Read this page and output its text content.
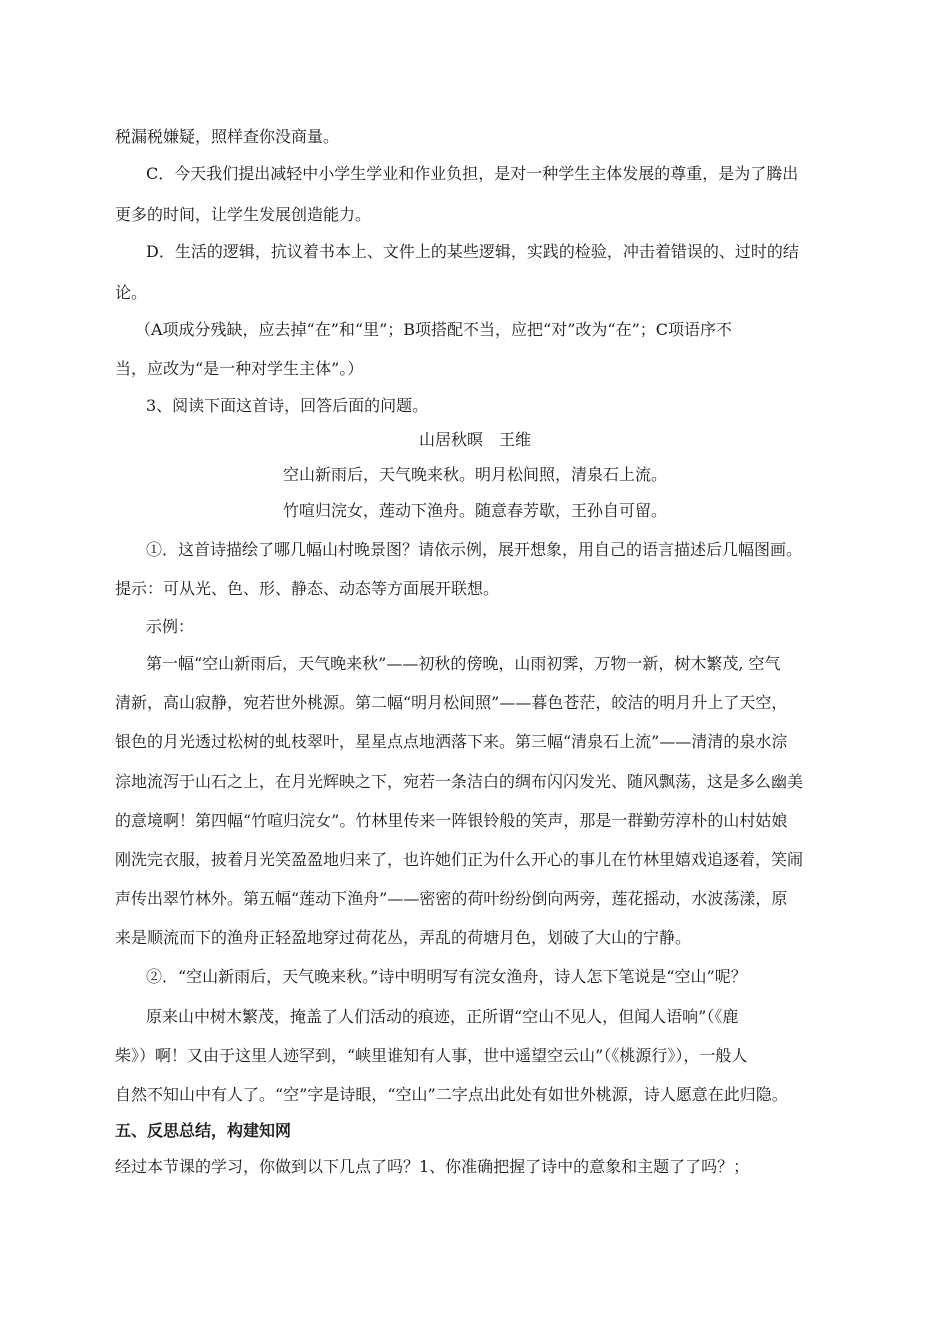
税漏税嫌疑，照样查你没商量。
C．今天我们提出减轻中小学生学业和作业负担，是对一种学生主体发展的尊重，是为了腾出
更多的时间，让学生发展创造能力。
D．生活的逻辑，抗议着书本上、文件上的某些逻辑，实践的检验，冲击着错误的、过时的结
论。
（A项成分残缺，应去掉“在”和“里”；B项搭配不当，应把“对”改为“在”；C项语序不
当，应改为“是一种对学生主体”。）
3、阅读下面这首诗，回答后面的问题。
山居秋暝　王维
空山新雨后，天气晚来秋。明月松间照，清泉石上流。
竹喧归浣女，莲动下渔舟。随意春芳歇，王孙自可留。
①．这首诗描绘了哪几幅山村晚景图？请依示例，展开想象，用自己的语言描述后几幅图画。
提示：可从光、色、形、静态、动态等方面展开联想。
示例：
第一幅“空山新雨后，天气晚来秋”——初秋的傍晚，山雨初霁，万物一新，树木繁茂, 空气
清新，高山寂静，宛若世外桃源。第二幅“明月松间照”——暮色苍茫，皎洁的明月升上了天空，
银色的月光透过松树的虬枝翠叶，星星点点地洒落下来。第三幅“清泉石上流”——清清的泉水淙
淙地流泻于山石之上，在月光辉映之下，宛若一条洁白的绸布闪闪发光、随风飘荡，这是多么幽美
的意境啊！第四幅“竹喧归浣女”。竹林里传来一阵银铃般的笑声，那是一群勤劳淳朴的山村姑娘
刚洗完衣服，披着月光笑盈盈地归来了，也许她们正为什么开心的事儿在竹林里嬉戏追逐着，笑闹
声传出翠竹林外。第五幅“莲动下渔舟”——密密的荷叶纷纷倒向两旁，莲花摇动，水波荡漾，原
来是顺流而下的渔舟正轻盈地穿过荷花丛，弄乱的荷塘月色，划破了大山的宁静。
②．“空山新雨后，天气晚来秋。”诗中明明写有浣女渔舟，诗人怎下笔说是“空山”呢？
原来山中树木繁茂，掩盖了人们活动的痕迹，正所谓“空山不见人，但闻人语响”（《鹿
柴》）啊！又由于这里人迹罕到，“峡里谁知有人事，世中遥望空云山”（《桃源行》），一般人
自然不知山中有人了。“空”字是诗眼，“空山”二字点出此处有如世外桃源，诗人愿意在此归隐。
五、反思总结，构建知网
经过本节课的学习，你做到以下几点了吗？1、你准确把握了诗中的意象和主题了了吗？；
